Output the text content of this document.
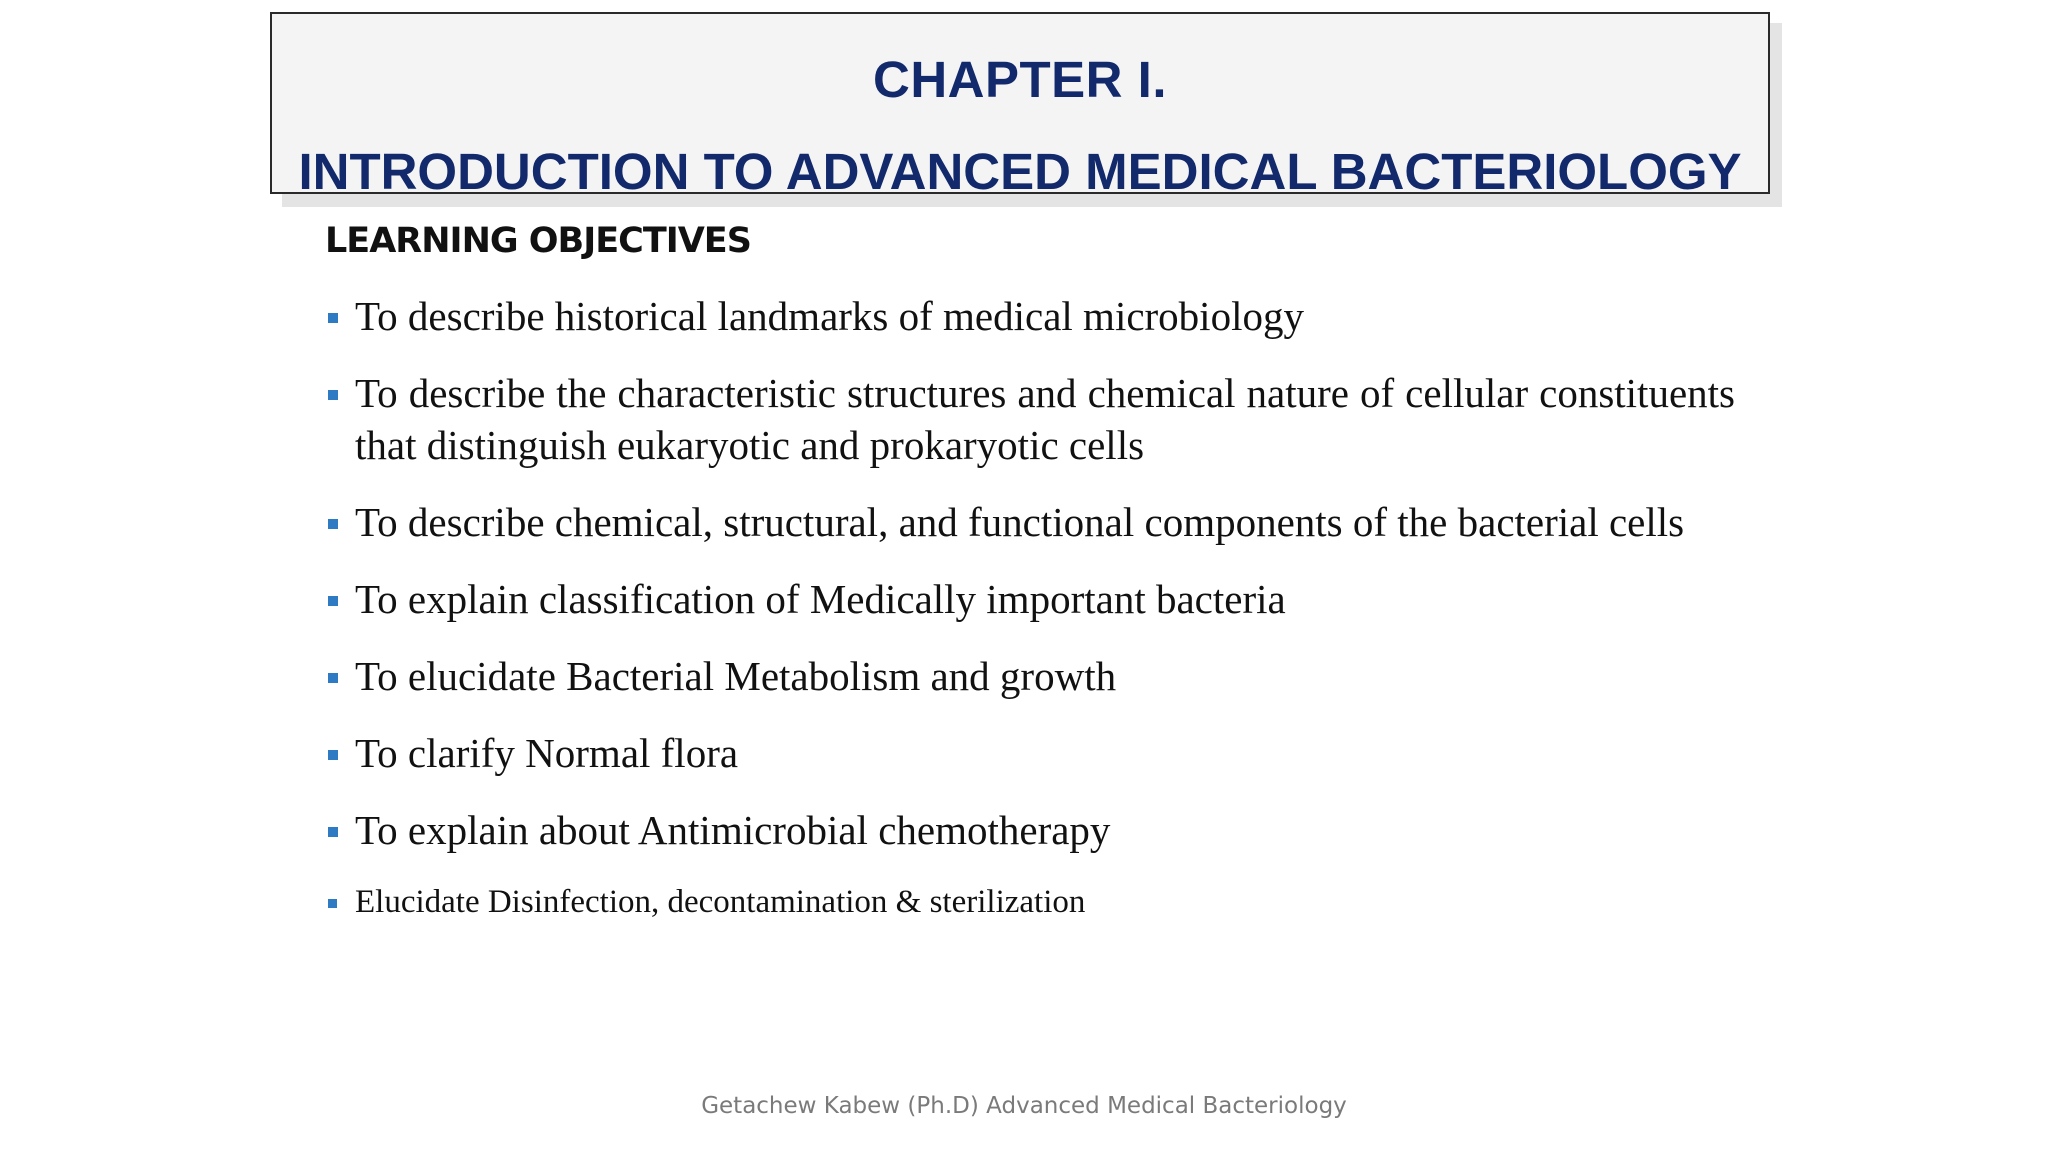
CHAPTER I.
INTRODUCTION TO ADVANCED MEDICAL BACTERIOLOGY
LEARNING OBJECTIVES
To describe historical landmarks of medical microbiology
To describe the characteristic structures and chemical nature of cellular constituents that distinguish eukaryotic and prokaryotic cells
To describe chemical, structural, and functional components of the bacterial cells
To explain classification of Medically important bacteria
To elucidate Bacterial Metabolism and growth
To clarify Normal flora
To explain about Antimicrobial chemotherapy
Elucidate Disinfection, decontamination & sterilization
Getachew Kabew (Ph.D) Advanced Medical Bacteriology
